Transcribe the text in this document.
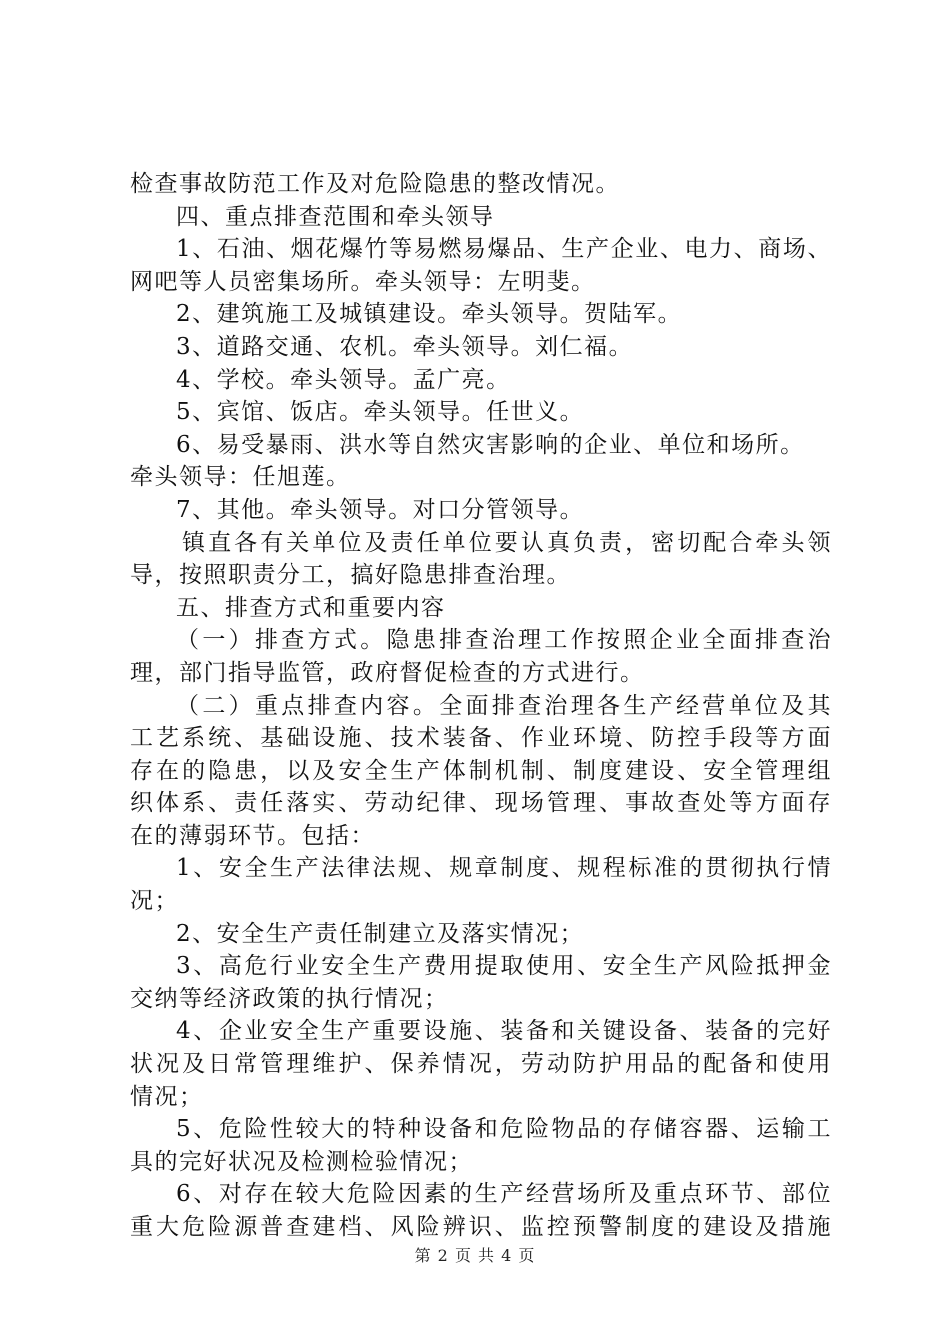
检查事故防范工作及对危险隐患的整改情况。
四、重点排查范围和牵头领导
1、石油、烟花爆竹等易燃易爆品、生产企业、电力、商场、
网吧等人员密集场所。牵头领导：左明斐。
2、建筑施工及城镇建设。牵头领导。贺陆军。
3、道路交通、农机。牵头领导。刘仁福。
4、学校。牵头领导。孟广亮。
5、宾馆、饭店。牵头领导。任世义。
6、易受暴雨、洪水等自然灾害影响的企业、单位和场所。
牵头领导：任旭莲。
7、其他。牵头领导。对口分管领导。
镇直各有关单位及责任单位要认真负责，密切配合牵头领
导，按照职责分工，搞好隐患排查治理。
五、排查方式和重要内容
（一）排查方式。隐患排查治理工作按照企业全面排查治
理，部门指导监管，政府督促检查的方式进行。
（二）重点排查内容。全面排查治理各生产经营单位及其
工艺系统、基础设施、技术装备、作业环境、防控手段等方面
存在的隐患，以及安全生产体制机制、制度建设、安全管理组
织体系、责任落实、劳动纪律、现场管理、事故查处等方面存
在的薄弱环节。包括：
1、安全生产法律法规、规章制度、规程标准的贯彻执行情
况；
2、安全生产责任制建立及落实情况；
3、高危行业安全生产费用提取使用、安全生产风险抵押金
交纳等经济政策的执行情况；
4、企业安全生产重要设施、装备和关键设备、装备的完好
状况及日常管理维护、保养情况，劳动防护用品的配备和使用
情况；
5、危险性较大的特种设备和危险物品的存储容器、运输工
具的完好状况及检测检验情况；
6、对存在较大危险因素的生产经营场所及重点环节、部位
重大危险源普查建档、风险辨识、监控预警制度的建设及措施
第 2 页 共 4 页
